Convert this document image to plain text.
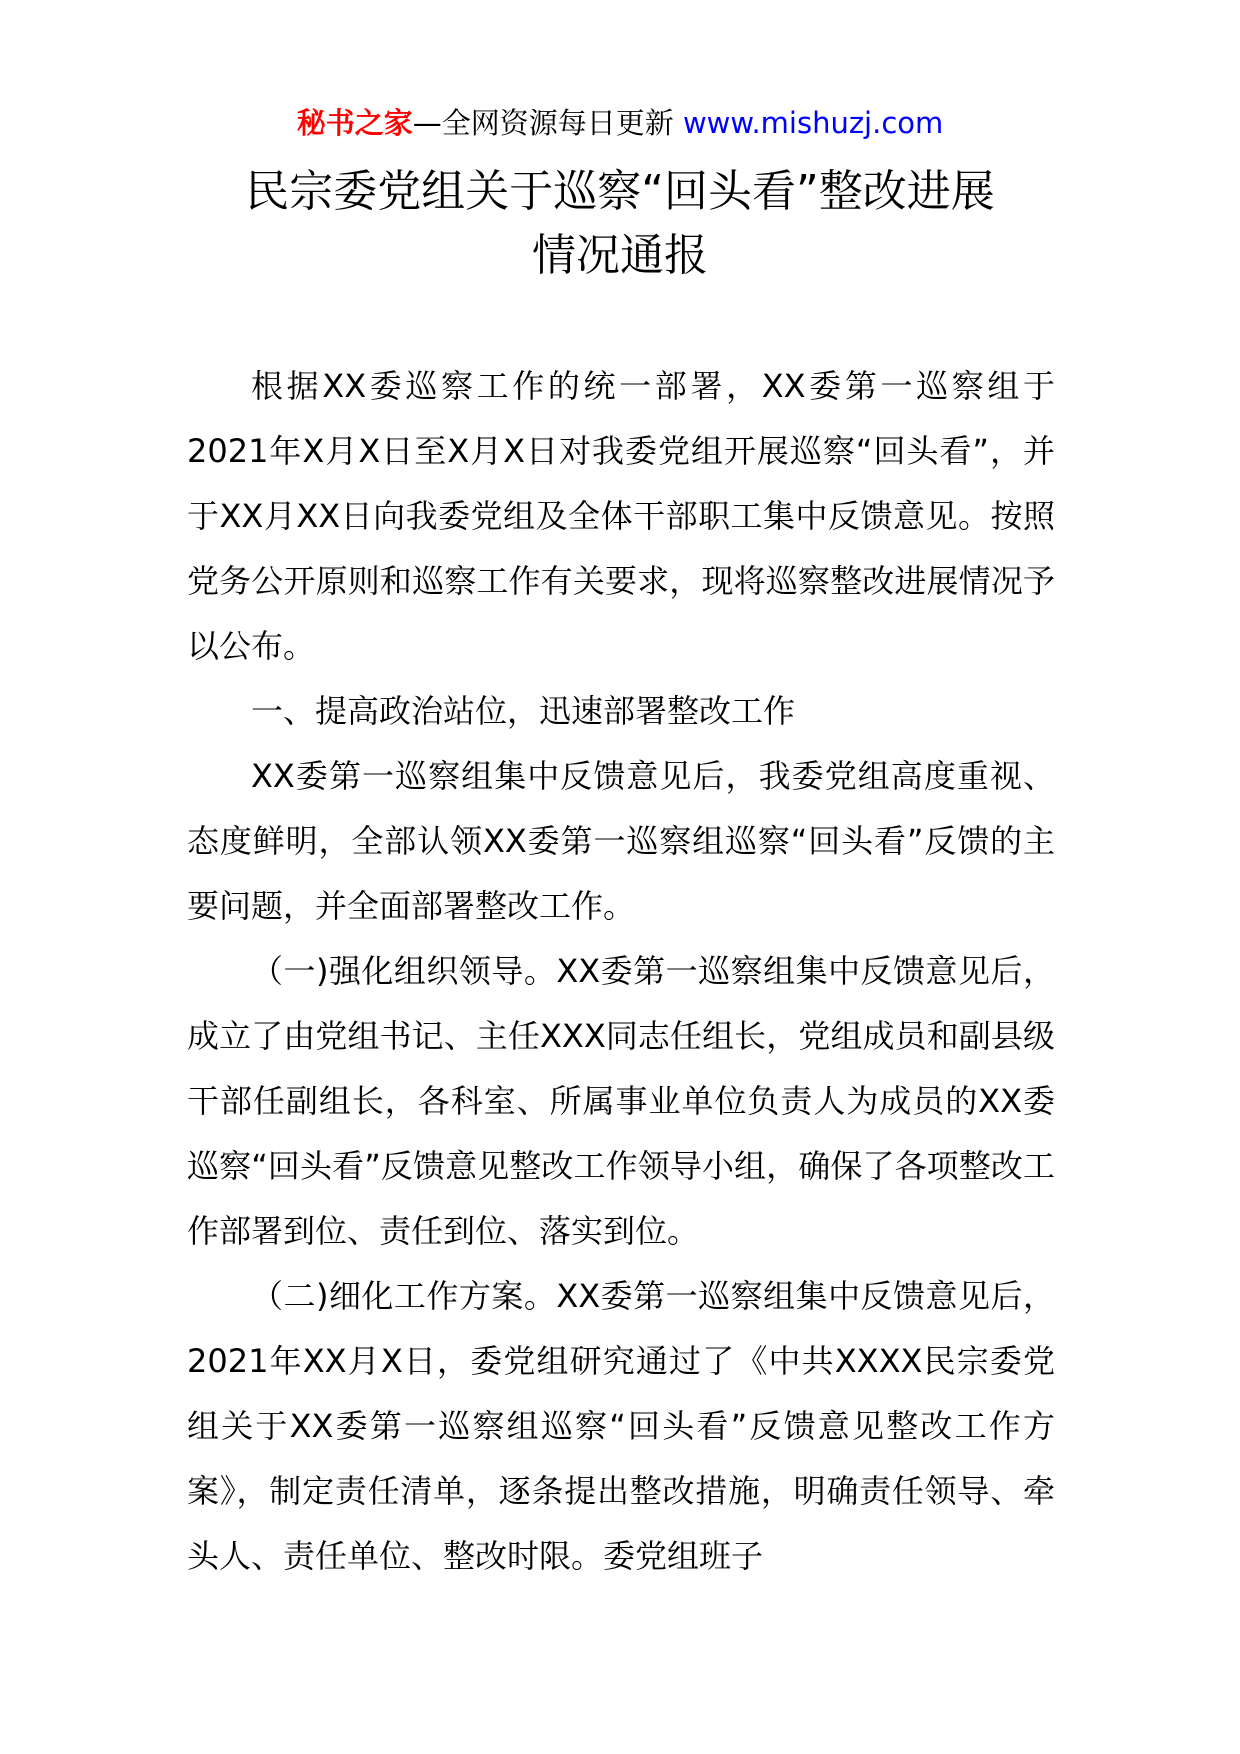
秘书之家—全网资源每日更新 www.mishuzj.com
民宗委党组关于巡察“回头看”整改进展
情况通报

根据XX委巡察工作的统一部署，XX委第一巡察组于2021年X月X日至X月X日对我委党组开展巡察“回头看”，并于XX月XX日向我委党组及全体干部职工集中反馈意见。按照党务公开原则和巡察工作有关要求，现将巡察整改进展情况予以公布。

一、提高政治站位，迅速部署整改工作

XX委第一巡察组集中反馈意见后，我委党组高度重视、态度鲜明，全部认领XX委第一巡察组巡察“回头看”反馈的主要问题，并全面部署整改工作。

（一)强化组织领导。XX委第一巡察组集中反馈意见后，成立了由党组书记、主任XXX同志任组长，党组成员和副县级干部任副组长，各科室、所属事业单位负责人为成员的XX委巡察“回头看”反馈意见整改工作领导小组，确保了各项整改工作部署到位、责任到位、落实到位。

（二)细化工作方案。XX委第一巡察组集中反馈意见后，2021年XX月X日，委党组研究通过了《中共XXXX民宗委党组关于XX委第一巡察组巡察“回头看”反馈意见整改工作方案》，制定责任清单，逐条提出整改措施，明确责任领导、牵头人、责任单位、整改时限。委党组班子
